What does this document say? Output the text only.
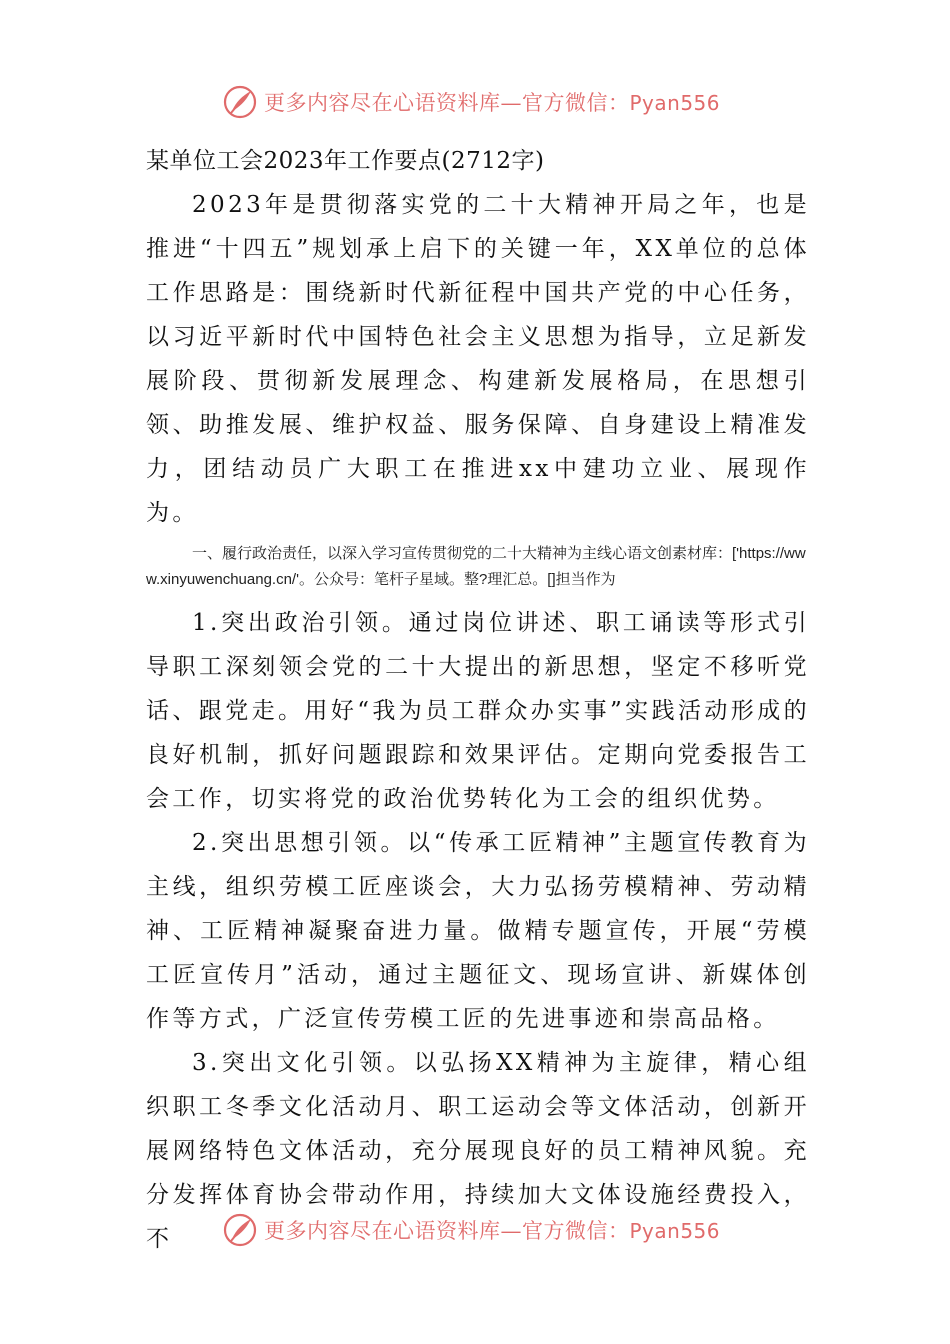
更多内容尽在心语资料库—官方微信：Pyan556

某单位工会2023年工作要点(2712字)

2023年是贯彻落实党的二十大精神开局之年，也是推进“十四五”规划承上启下的关键一年，XX单位的总体工作思路是：围绕新时代新征程中国共产党的中心任务，以习近平新时代中国特色社会主义思想为指导，立足新发展阶段、贯彻新发展理念、构建新发展格局，在思想引领、助推发展、维护权益、服务保障、自身建设上精准发力，团结动员广大职工在推进xx中建功立业、展现作为。

一、履行政治责任，以深入学习宣传贯彻党的二十大精神为主线心语文创素材库：['https://www.xinyuwenchuang.cn/'。公众号：笔杆子星域。整?理汇总。[]担当作为

1.突出政治引领。通过岗位讲述、职工诵读等形式引导职工深刻领会党的二十大提出的新思想，坚定不移听党话、跟党走。用好“我为员工群众办实事”实践活动形成的良好机制，抓好问题跟踪和效果评估。定期向党委报告工会工作，切实将党的政治优势转化为工会的组织优势。

2.突出思想引领。以“传承工匠精神”主题宣传教育为主线，组织劳模工匠座谈会，大力弘扬劳模精神、劳动精神、工匠精神凝聚奋进力量。做精专题宣传，开展“劳模工匠宣传月”活动，通过主题征文、现场宣讲、新媒体创作等方式，广泛宣传劳模工匠的先进事迹和崇高品格。

3.突出文化引领。以弘扬XX精神为主旋律，精心组织职工冬季文化活动月、职工运动会等文体活动，创新开展网络特色文体活动，充分展现良好的员工精神风貌。充分发挥体育协会带动作用，持续加大文体设施经费投入，不	更多内容尽在心语资料库—官方微信：Pyan556
